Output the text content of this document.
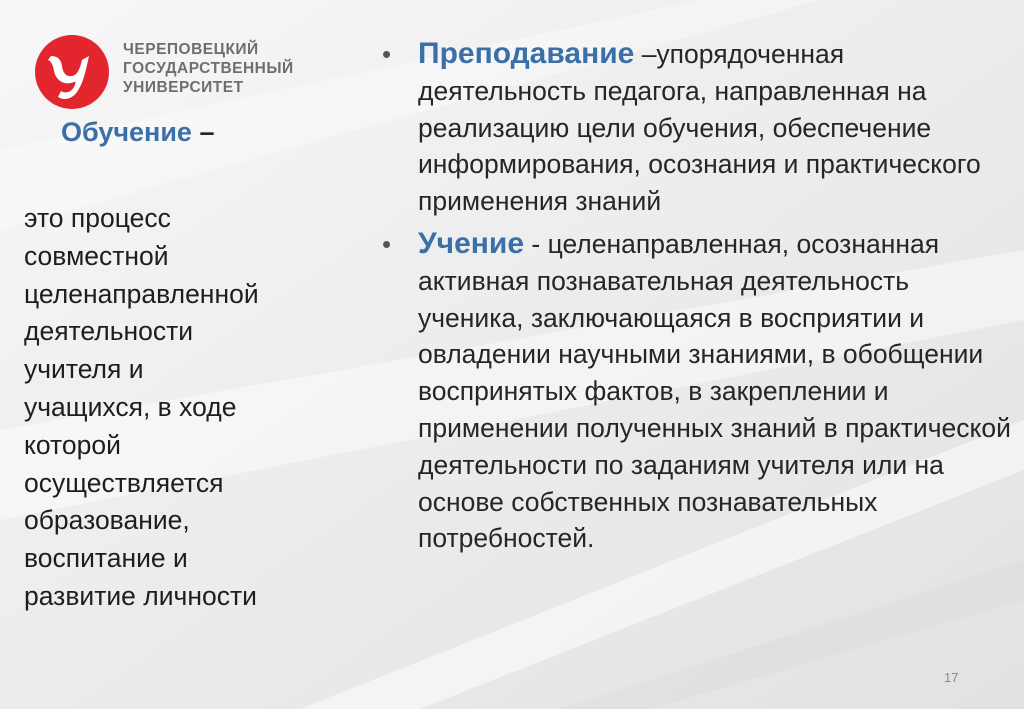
ЧЕРЕПОВЕЦКИЙ
ГОСУДАРСТВЕННЫЙ
УНИВЕРСИТЕТ
Обучение –
это процесс
совместной
целенаправленной
деятельности
учителя и
учащихся, в ходе
которой
осуществляется
образование,
воспитание и
развитие личности
• Преподавание –упорядоченная деятельность педагога, направленная на реализацию цели обучения, обеспечение информирования, осознания и практического применения знаний
• Учение - целенаправленная, осознанная активная познавательная деятельность ученика, заключающаяся в восприятии и овладении научными знаниями, в обобщении воспринятых фактов, в закреплении и применении полученных знаний в практической деятельности по заданиям учителя или на основе собственных познавательных потребностей.
17
